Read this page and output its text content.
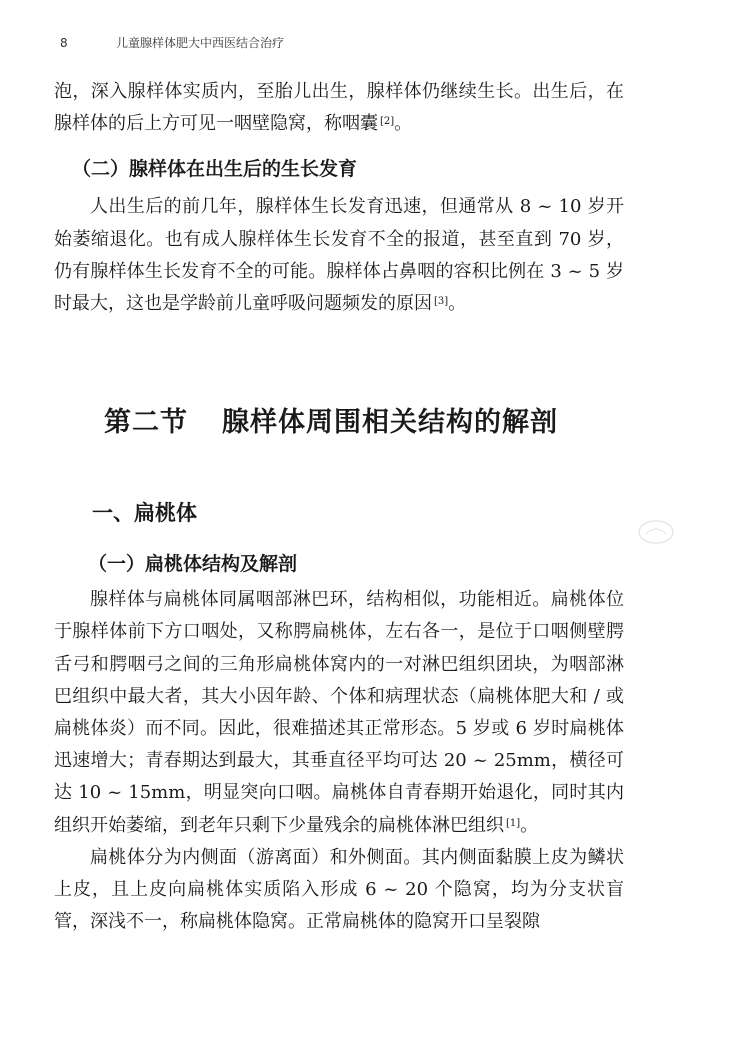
8	儿童腺样体肥大中西医结合治疗

泡，深入腺样体实质内，至胎儿出生，腺样体仍继续生长。出生后，在腺样体的后上方可见一咽壁隐窝，称咽囊 [2]。

（二）腺样体在出生后的生长发育

人出生后的前几年，腺样体生长发育迅速，但通常从 8 ~ 10 岁开始萎缩退化。也有成人腺样体生长发育不全的报道，甚至直到 70 岁，仍有腺样体生长发育不全的可能。腺样体占鼻咽的容积比例在 3 ~ 5 岁时最大，这也是学龄前儿童呼吸问题频发的原因 [3]。

第二节 腺样体周围相关结构的解剖
一、扁桃体
（一）扁桃体结构及解剖

腺样体与扁桃体同属咽部淋巴环，结构相似，功能相近。扁桃体位于腺样体前下方口咽处，又称腭扁桃体，左右各一，是位于口咽侧壁腭舌弓和腭咽弓之间的三角形扁桃体窝内的一对淋巴组织团块，为咽部淋巴组织中最大者，其大小因年龄、个体和病理状态（扁桃体肥大和 / 或扁桃体炎）而不同。因此，很难描述其正常形态。5 岁或 6 岁时扁桃体迅速增大；青春期达到最大，其垂直径平均可达 20 ~ 25mm，横径可达 10 ~ 15mm，明显突向口咽。扁桃体自青春期开始退化，同时其内组织开始萎缩，到老年只剩下少量残余的扁桃体淋巴组织 [1]。

扁桃体分为内侧面（游离面）和外侧面。其内侧面黏膜上皮为鳞状上皮，且上皮向扁桃体实质陷入形成 6 ~ 20 个隐窝，均为分支状盲管，深浅不一，称扁桃体隐窝。正常扁桃体的隐窝开口呈裂隙
